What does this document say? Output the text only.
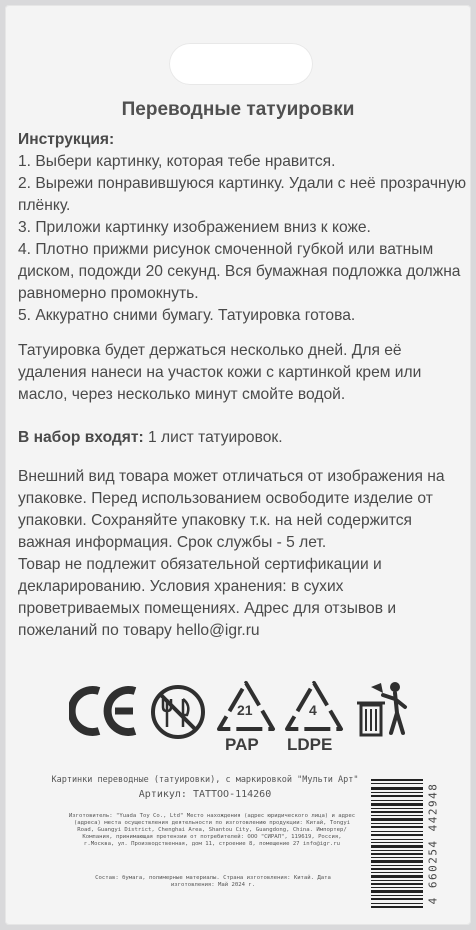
Переводные татуировки

Инструкция:

1. Выбери картинку, которая тебе нравится.

2. Вырежи понравившуюся картинку. Удали с неё прозрачную плёнку.

3. Приложи картинку изображением вниз к коже.

4. Плотно прижми рисунок смоченной губкой или ватным диском, подожди 20 секунд. Вся бумажная подложка должна равномерно промокнуть.

5. Аккуратно сними бумагу. Татуировка готова.

Татуировка будет держаться несколько дней. Для её удаления нанеси на участок кожи с картинкой крем или масло, через несколько минут смойте водой.

В набор входят: 1 лист татуировок.

Внешний вид товара может отличаться от изображения на упаковке. Перед использованием освободите изделие от упаковки. Сохраняйте упаковку т.к. на ней содержится важная информация. Срок службы - 5 лет.

Товар не подлежит обязательной сертификации и декларированию. Условия хранения: в сухих проветриваемых помещениях. Адрес для отзывов и пожеланий по товару hello@igr.ru

21
PAP
4
LDPE
Картинки переводные (татуировки), с маркировкой "Мульти Арт"
Артикул: TATTOO-114260
Изготовитель: "Yuada Toy Co., Ltd" Место нахождения (адрес юридического лица) и адрес (адреса) места осуществления деятельности по изготовлению продукции: Китай, Tongyi Road, Guangyi District, Chenghai Area, Shantou City, Guangdong, China. Импортер/Компания, принимающая претензии от потребителей: ООО "СИРАЛ", 119619, Россия, г.Москва, ул. Производственная, дом 11, строение 8, помещение 27 info@igr.ru
Состав: бумага, полимерные материалы. Страна изготовления: Китай. Дата изготовления: Май 2024 г.	4 660254 442948
